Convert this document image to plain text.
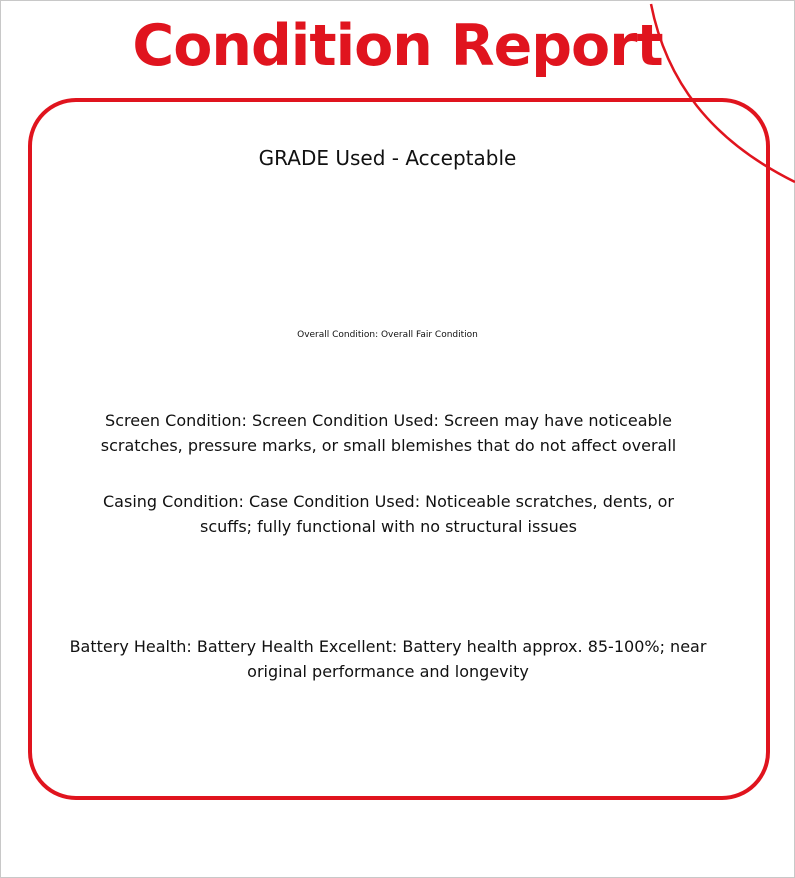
Condition Report

GRADE Used - Acceptable

Overall Condition: Overall Fair Condition

Screen Condition: Screen Condition Used: Screen may have noticeable scratches, pressure marks, or small blemishes that do not affect overall

Casing Condition: Case Condition Used: Noticeable scratches, dents, or scuffs; fully functional with no structural issues

Battery Health: Battery Health Excellent: Battery health approx. 85-100%; near original performance and longevity
